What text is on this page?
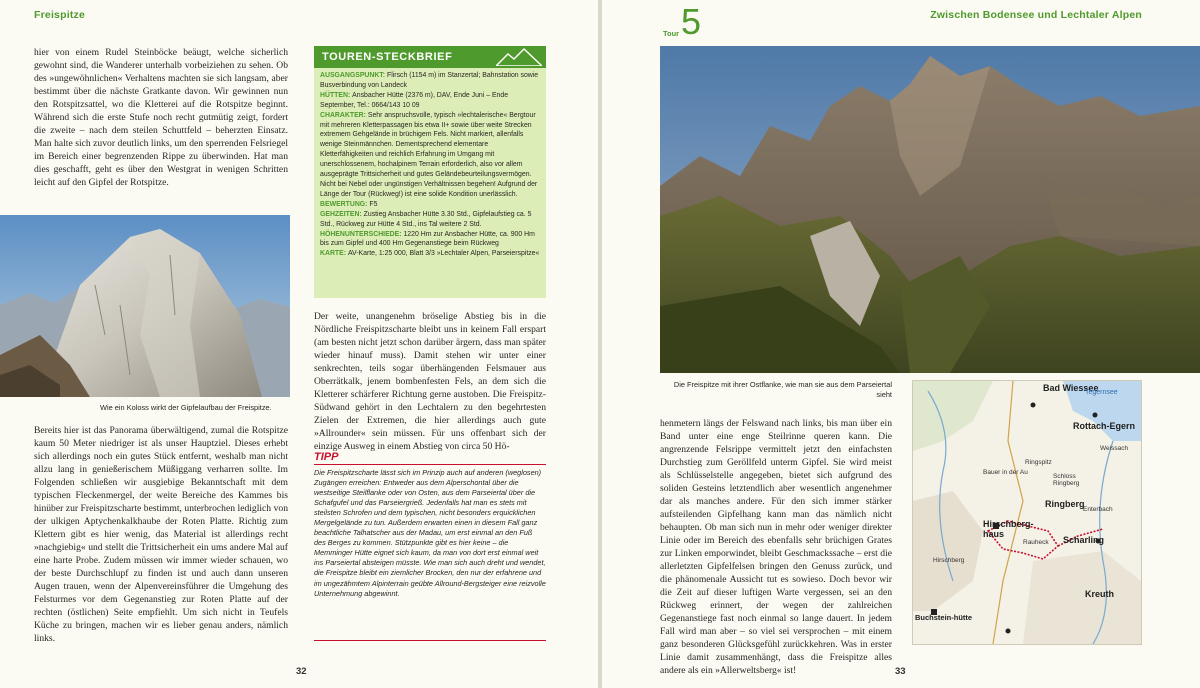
Freispitze

hier von einem Rudel Steinböcke beäugt, welche sicherlich gewohnt sind, die Wanderer unterhalb vorbeiziehen zu sehen. Ob des »ungewöhnlichen« Verhaltens machten sie sich langsam, aber bestimmt über die nächste Gratkante davon. Wir gewinnen nun den Rotspitzsattel, wo die Kletterei auf die Rotspitze beginnt. Während sich die erste Stufe noch recht gutmütig zeigt, fordert die zweite – nach dem steilen Schuttfeld – beherzten Einsatz. Man halte sich zuvor deutlich links, um den sperrenden Felsriegel im Bereich einer begrenzenden Rippe zu überwinden. Hat man dies geschafft, geht es über den Westgrat in wenigen Schritten leicht auf den Gipfel der Rotspitze.

Wie ein Koloss wirkt der Gipfelaufbau der Freispitze.

Bereits hier ist das Panorama überwältigend, zumal die Rotspitze kaum 50 Meter niedriger ist als unser Hauptziel. Dieses erhebt sich allerdings noch ein gutes Stück entfernt, weshalb man nicht allzu lang in genießerischem Müßiggang verharren sollte. Im Folgenden schließen wir ausgiebige Bekanntschaft mit dem typischen Fleckenmergel, der weite Bereiche des Kammes bis hinüber zur Freispitzscharte bestimmt, unterbrochen lediglich von der ulkigen Aptychenkalkhaube der Roten Platte. Richtig zum Klettern gibt es hier wenig, das Material ist allerdings recht »nachgiebig« und stellt die Trittsicherheit ein ums andere Mal auf eine harte Probe. Zudem müssen wir immer wieder schauen, wo der beste Durchschlupf zu finden ist und auch dann unseren Augen trauen, wenn der Alpenvereinsführer die Umgehung des Felsturmes vor dem Gegenanstieg zur Roten Platte auf der rechten (östlichen) Seite empfiehlt. Um sich nicht in Teufels Küche zu bringen, machen wir es lieber genau anders, nämlich links.

TOUREN-STECKBRIEF
AUSGANGSPUNKT: Flirsch (1154 m) im Stanzertal; Bahnstation sowie Busverbindung von Landeck
HÜTTEN: Ansbacher Hütte (2376 m), DAV, Ende Juni – Ende September, Tel.: 0664/143 10 09
CHARAKTER: Sehr anspruchsvolle, typisch »lechtalerische« Bergtour mit mehreren Kletterpassagen bis etwa II+ sowie über weite Strecken extremem Gehgelände in brüchigem Fels. Nicht markiert, allenfalls wenige Steinmännchen. Dementsprechend elementare Kletterfähigkeiten und reichlich Erfahrung im Umgang mit unerschlossenem, hochalpinem Terrain erforderlich, also vor allem ausgeprägte Trittsicherheit und gutes Geländebeurteilungsvermögen. Nicht bei Nebel oder ungünstigen Verhältnissen begehen! Aufgrund der Länge der Tour (Rückweg!) ist eine solide Kondition unerlässlich.
BEWERTUNG: F5
GEHZEITEN: Zustieg Ansbacher Hütte 3.30 Std., Gipfelaufstieg ca. 5 Std., Rückweg zur Hütte 4 Std., ins Tal weitere 2 Std.
HÖHENUNTERSCHIEDE: 1220 Hm zur Ansbacher Hütte, ca. 900 Hm bis zum Gipfel und 400 Hm Gegenanstiege beim Rückweg
KARTE: AV-Karte, 1:25 000, Blatt 3/3 »Lechtaler Alpen, Parseierspitze«

Der weite, unangenehm bröselige Abstieg bis in die Nördliche Freispitzscharte bleibt uns in keinem Fall erspart (am besten nicht jetzt schon darüber ärgern, dass man später wieder hinauf muss). Damit stehen wir unter einer senkrechten, teils sogar überhängenden Felsmauer aus Oberrätkalk, jenem bombenfesten Fels, an dem sich die Kletterer schärferer Richtung gerne austoben. Die Freispitz-Südwand gehört in den Lechtalern zu den begehrtesten Zielen der Extremen, die hier allerdings auch gute »Allrounder« sein müssen. Für uns offenbart sich der einzige Ausweg in einem Abstieg von circa 50 Hö-

TIPP
Die Freispitzscharte lässt sich im Prinzip auch auf anderen (weglosen) Zugängen erreichen: Entweder aus dem Alperschontal über die westseitige Steilflanke oder von Osten, aus dem Parseiertal über die Schafgufel und das Parseiergrieß. Jedenfalls hat man es stets mit steilsten Schrofen und dem typischen, nicht besonders erquicklichen Mergelgelände zu tun. Außerdem erwarten einen in diesem Fall ganz beachtliche Talhatscher aus der Madau, um erst einmal an den Fuß des Berges zu kommen. Stützpunkte gibt es hier keine – die Memminger Hütte eignet sich kaum, da man von dort erst einmal weit ins Parseiertal absteigen müsste. Wie man sich auch dreht und wendet, die Freispitze bleibt ein ziemlicher Brocken, den nur der erfahrene und im ungezähmtem Alpinterrain geübte Allround-Bergsteiger eine reizvolle Unternehmung abgewinnt.
32
Tour 5	Zwischen Bodensee und Lechtaler Alpen
Die Freispitze mit ihrer Ostflanke, wie man sie aus dem Parseiertal sieht

henmetern längs der Felswand nach links, bis man über ein Band unter eine enge Steilrinne queren kann. Die angrenzende Felsrippe vermittelt jetzt den einfachsten Durchstieg zum Geröllfeld unterm Gipfel. Sie wird meist als Schlüsselstelle angegeben, bietet sich aufgrund des soliden Gesteins letztendlich aber wesentlich angenehmer dar als manches andere. Für den sich immer stärker aufsteilenden Gipfelhang kann man das nämlich nicht behaupten. Ob man sich nun in mehr oder weniger direkter Linie oder im Bereich des ebenfalls sehr brüchigen Grates zur Linken emporwindet, bleibt Geschmackssache – erst die allerletzten Gipfelfelsen bringen den Genuss zurück, und die phänomenale Aussicht tut es sowieso. Doch bevor wir die Zeit auf dieser luftigen Warte vergessen, sei an den Rückweg erinnert, der wegen der zahlreichen Gegenanstiege fast noch einmal so lange dauert. In jedem Fall wird man aber – so viel sei versprochen – mit einem ganz besonderen Glücksgefühl zurückkehren. Was in erster Linie damit zusammenhängt, dass die Freispitze alles andere als ein »Allerweltsberg« ist!

Bad Wiessee
Tegernsee
Rottach-Egern
Weissach
Ringspitz
Bauer in der Au
Schloss Ringberg
Ringberg
Enterbach
Hirschberg-haus
Rauheck Scharling
Hirschberg
Kreuth
Buchstein-hütte
33
